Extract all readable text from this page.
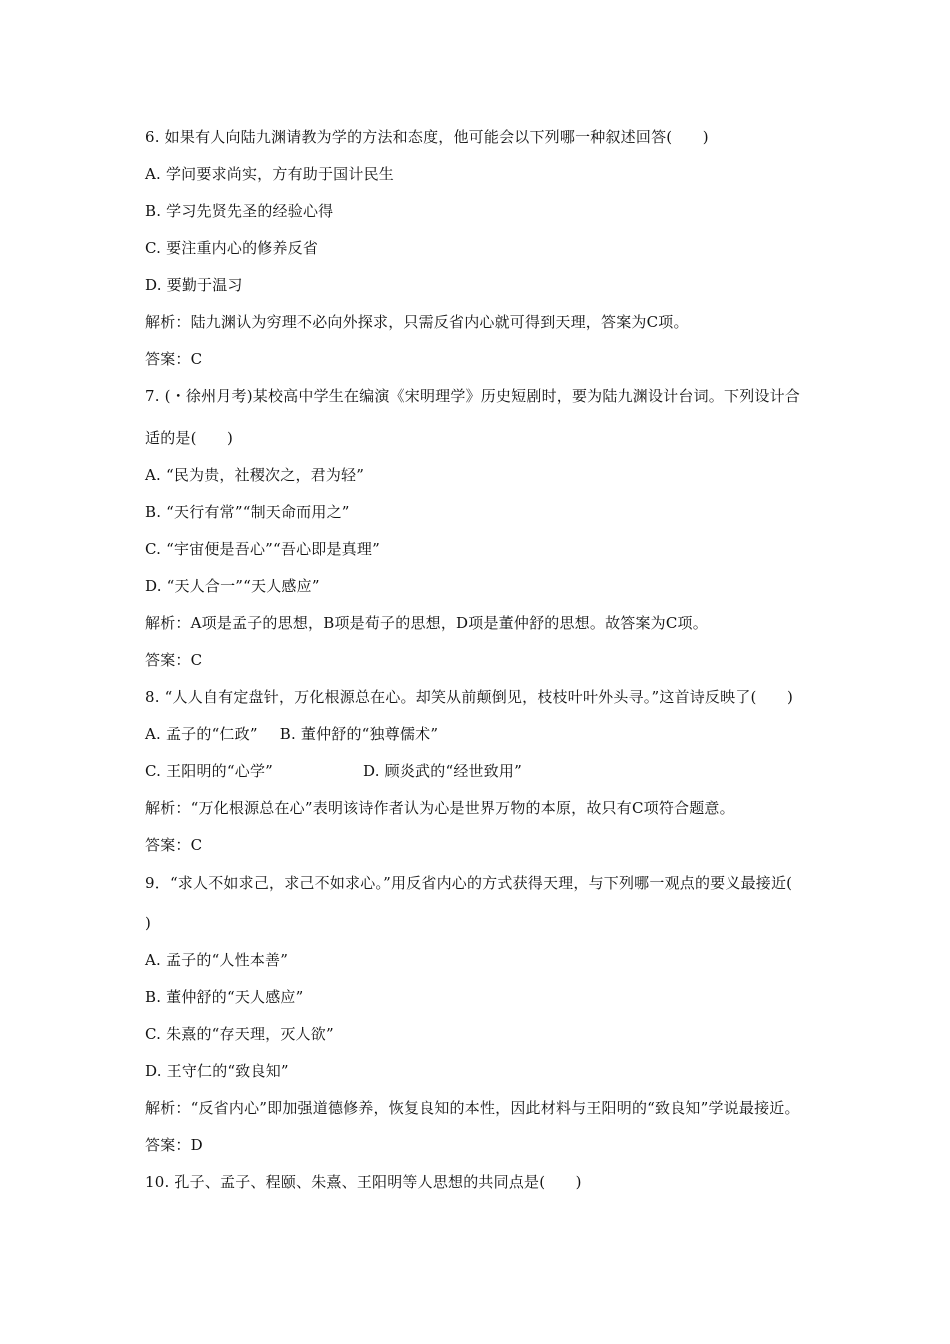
6. 如果有人向陆九渊请教为学的方法和态度，他可能会以下列哪一种叙述回答(　　)
A. 学问要求尚实，方有助于国计民生
B. 学习先贤先圣的经验心得
C. 要注重内心的修养反省
D. 要勤于温习
解析：陆九渊认为穷理不必向外探求，只需反省内心就可得到天理，答案为C项。
答案：C
7. (・徐州月考)某校高中学生在编演《宋明理学》历史短剧时，要为陆九渊设计台词。下列设计合
适的是(　　)
A. “民为贵，社稷次之，君为轻”
B. “天行有常”“制天命而用之”
C. “宇宙便是吾心”“吾心即是真理”
D. “天人合一”“天人感应”
解析：A项是孟子的思想，B项是荀子的思想，D项是董仲舒的思想。故答案为C项。
答案：C
8. “人人自有定盘针，万化根源总在心。却笑从前颠倒见，枝枝叶叶外头寻。”这首诗反映了(　　)
A. 孟子的“仁政” B. 董仲舒的“独尊儒术”
C. 王阳明的“心学”	D. 顾炎武的“经世致用”
解析：“万化根源总在心”表明该诗作者认为心是世界万物的本原，故只有C项符合题意。
答案：C
9．“求人不如求己，求己不如求心。”用反省内心的方式获得天理，与下列哪一观点的要义最接近(
)
A. 孟子的“人性本善”
B. 董仲舒的“天人感应”
C. 朱熹的“存天理，灭人欲”
D. 王守仁的“致良知”
解析：“反省内心”即加强道德修养，恢复良知的本性，因此材料与王阳明的“致良知”学说最接近。
答案：D
10. 孔子、孟子、程颐、朱熹、王阳明等人思想的共同点是(　　)
